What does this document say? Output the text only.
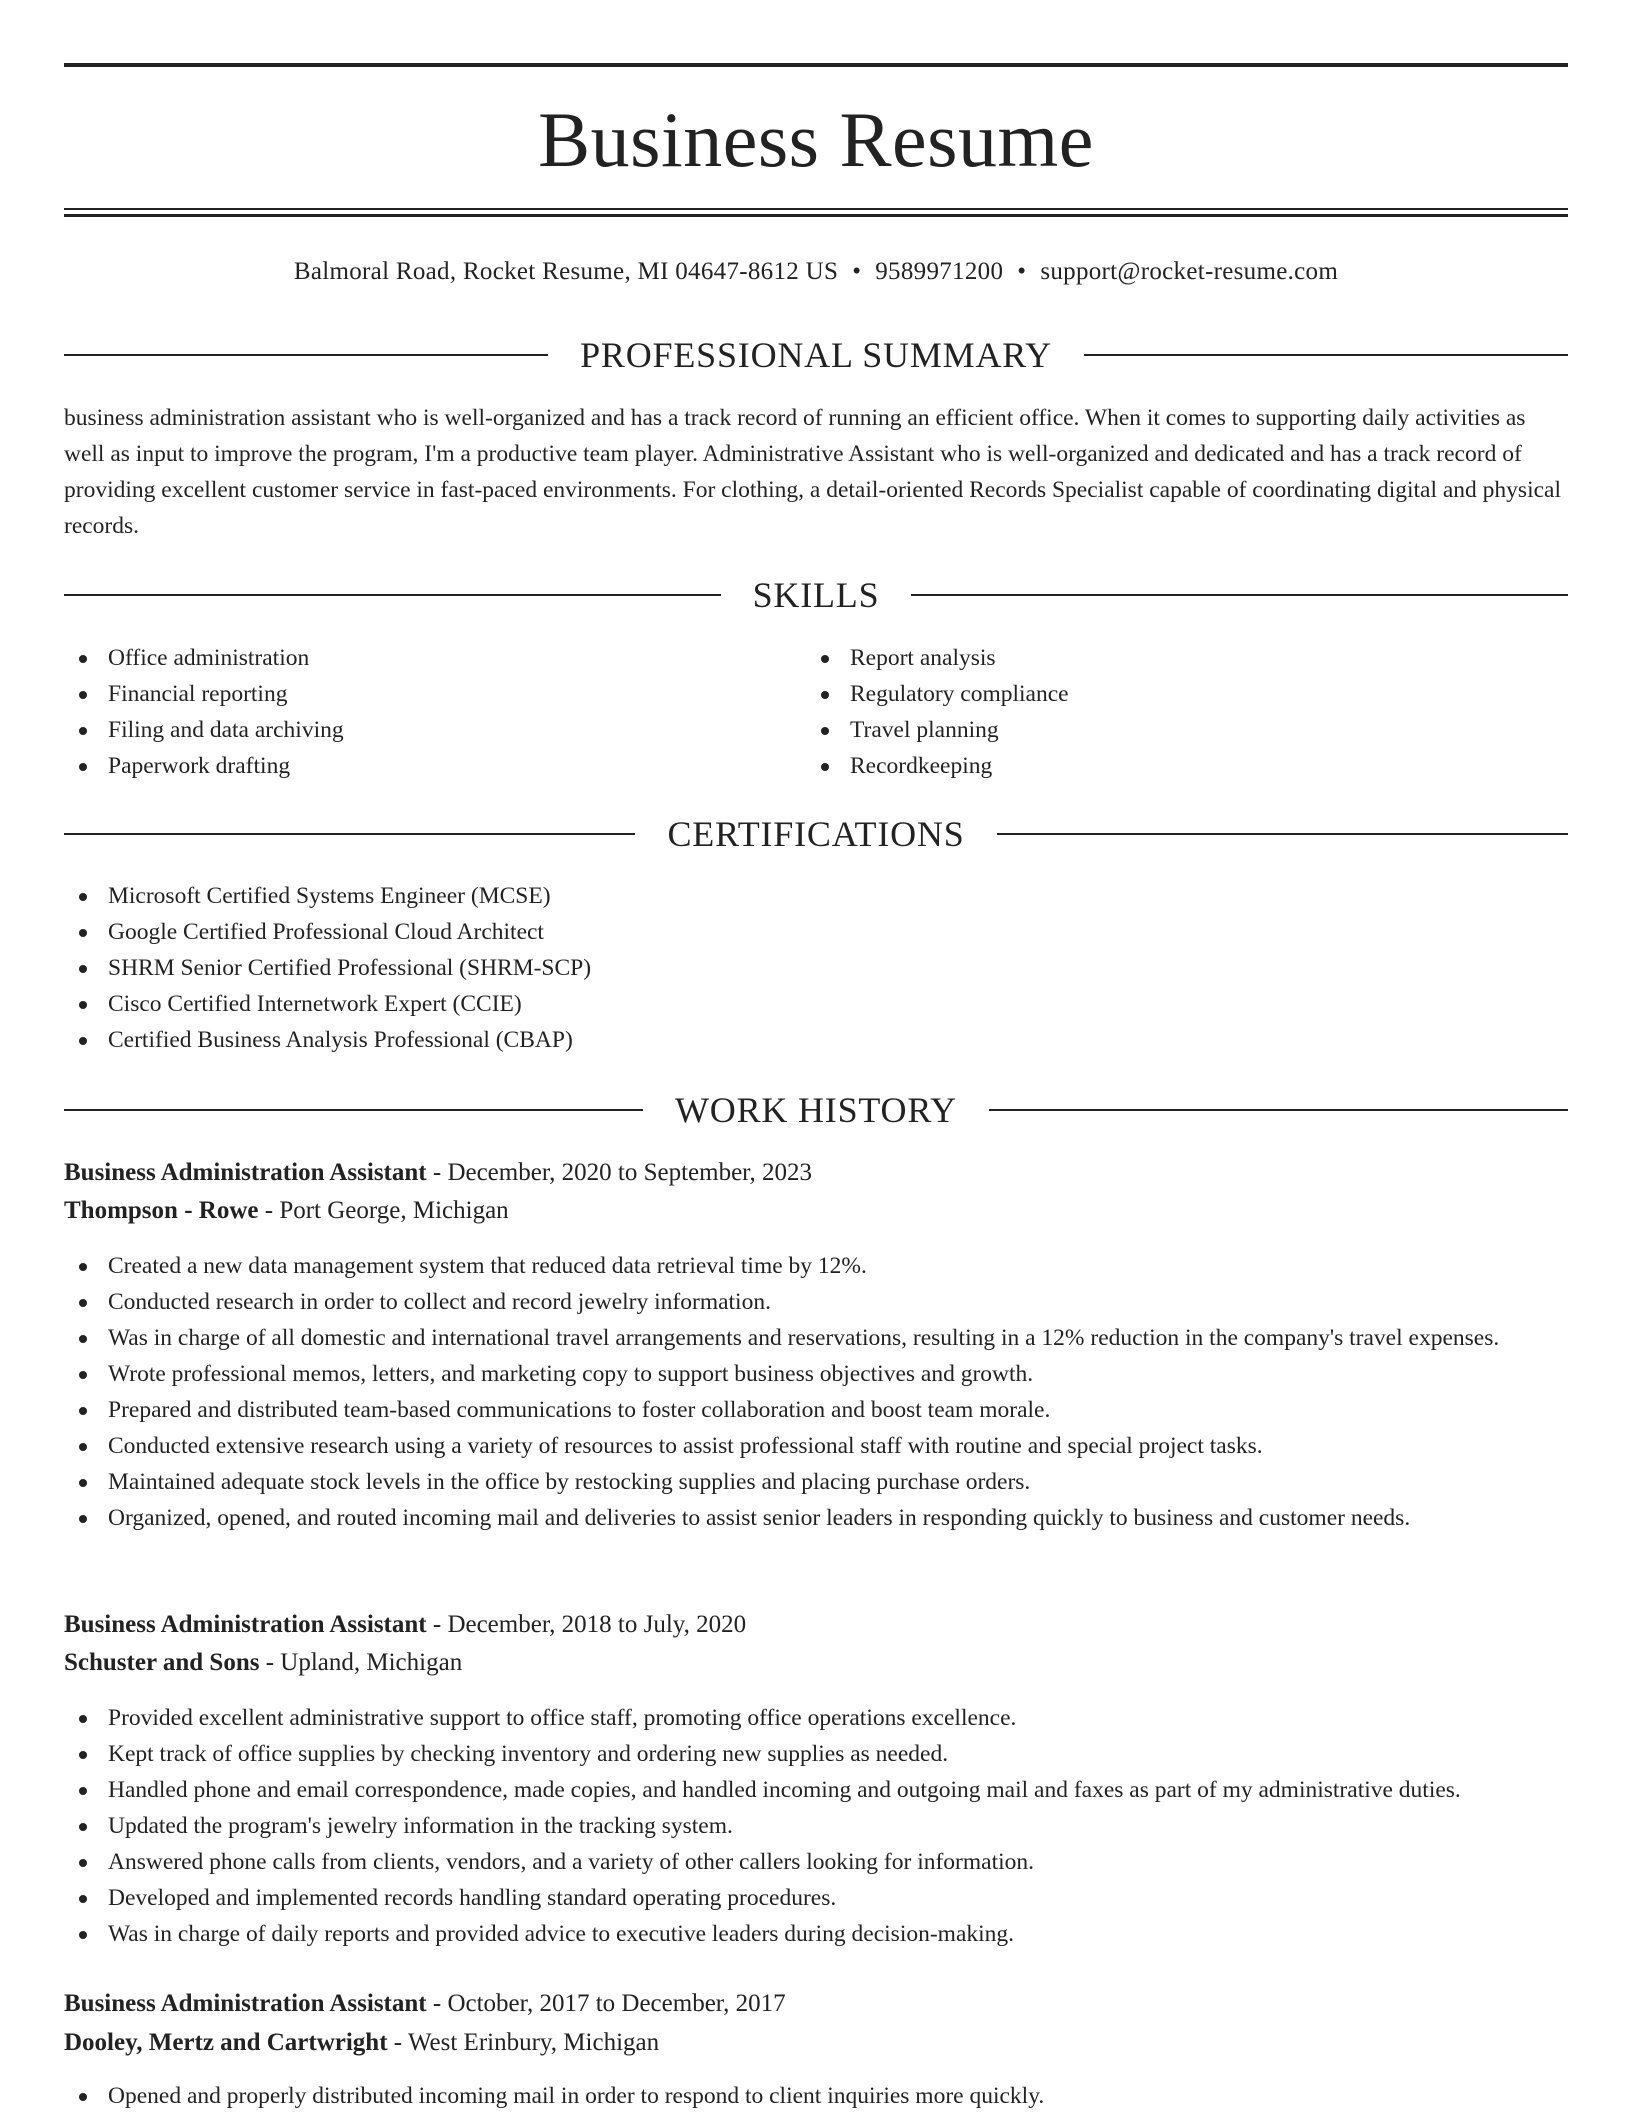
Business Resume
Balmoral Road, Rocket Resume, MI 04647-8612 US • 9589971200 • support@rocket-resume.com
PROFESSIONAL SUMMARY

business administration assistant who is well-organized and has a track record of running an efficient office. When it comes to supporting daily activities as well as input to improve the program, I'm a productive team player. Administrative Assistant who is well-organized and dedicated and has a track record of providing excellent customer service in fast-paced environments. For clothing, a detail-oriented Records Specialist capable of coordinating digital and physical records.

SKILLS
Office administration
Financial reporting
Filing and data archiving
Paperwork drafting
Report analysis
Regulatory compliance
Travel planning
Recordkeeping
CERTIFICATIONS
Microsoft Certified Systems Engineer (MCSE)
Google Certified Professional Cloud Architect
SHRM Senior Certified Professional (SHRM-SCP)
Cisco Certified Internetwork Expert (CCIE)
Certified Business Analysis Professional (CBAP)
WORK HISTORY
Business Administration Assistant - December, 2020 to September, 2023
Thompson - Rowe - Port George, Michigan
Created a new data management system that reduced data retrieval time by 12%.
Conducted research in order to collect and record jewelry information.
Was in charge of all domestic and international travel arrangements and reservations, resulting in a 12% reduction in the company's travel expenses.
Wrote professional memos, letters, and marketing copy to support business objectives and growth.
Prepared and distributed team-based communications to foster collaboration and boost team morale.
Conducted extensive research using a variety of resources to assist professional staff with routine and special project tasks.
Maintained adequate stock levels in the office by restocking supplies and placing purchase orders.
Organized, opened, and routed incoming mail and deliveries to assist senior leaders in responding quickly to business and customer needs.
Business Administration Assistant - December, 2018 to July, 2020
Schuster and Sons - Upland, Michigan
Provided excellent administrative support to office staff, promoting office operations excellence.
Kept track of office supplies by checking inventory and ordering new supplies as needed.
Handled phone and email correspondence, made copies, and handled incoming and outgoing mail and faxes as part of my administrative duties.
Updated the program's jewelry information in the tracking system.
Answered phone calls from clients, vendors, and a variety of other callers looking for information.
Developed and implemented records handling standard operating procedures.
Was in charge of daily reports and provided advice to executive leaders during decision-making.
Business Administration Assistant - October, 2017 to December, 2017
Dooley, Mertz and Cartwright - West Erinbury, Michigan
Opened and properly distributed incoming mail in order to respond to client inquiries more quickly.
